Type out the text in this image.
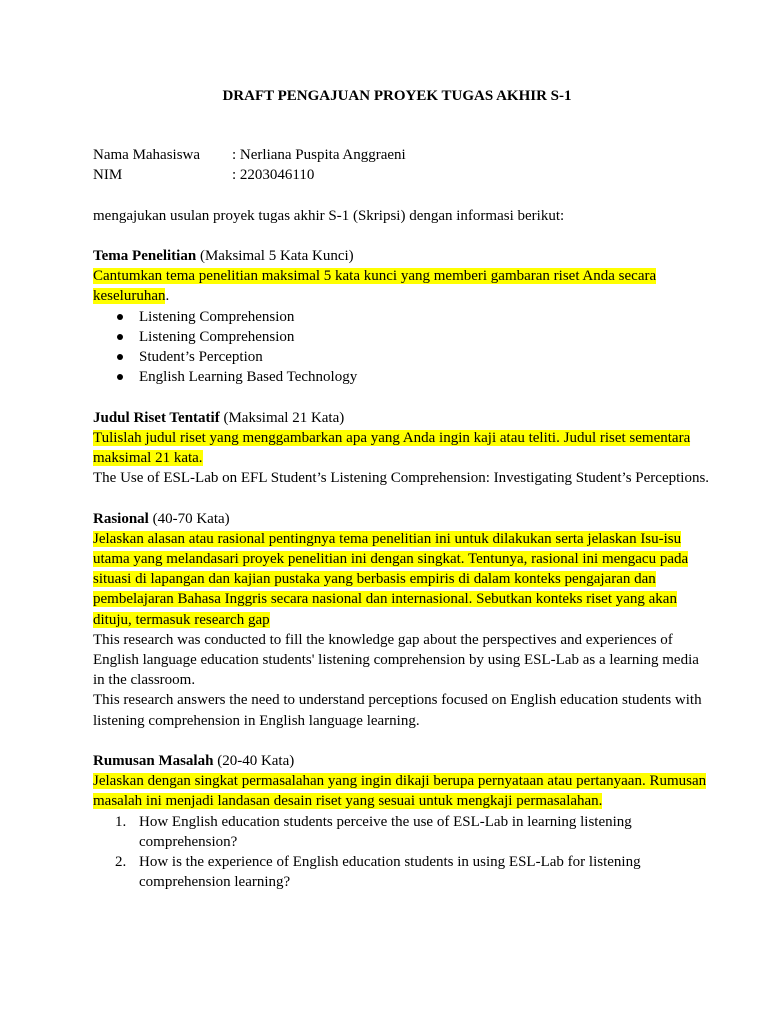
DRAFT PENGAJUAN PROYEK TUGAS AKHIR S-1
Nama Mahasiswa	: Nerliana Puspita Anggraeni
NIM	: 2203046110
mengajukan usulan proyek tugas akhir S-1 (Skripsi) dengan informasi berikut:
Tema Penelitian (Maksimal 5 Kata Kunci)
Cantumkan tema penelitian maksimal 5 kata kunci yang memberi gambaran riset Anda secara keseluruhan.
Listening Comprehension
Listening Comprehension
Student’s Perception
English Learning Based Technology
Judul Riset Tentatif (Maksimal 21 Kata)
Tulislah judul riset yang menggambarkan apa yang Anda ingin kaji atau teliti. Judul riset sementara maksimal 21 kata.
The Use of ESL-Lab on EFL Student’s Listening Comprehension: Investigating Student’s Perceptions.
Rasional (40-70 Kata)
Jelaskan alasan atau rasional pentingnya tema penelitian ini untuk dilakukan serta jelaskan Isu-isu utama yang melandasari proyek penelitian ini dengan singkat. Tentunya, rasional ini mengacu pada situasi di lapangan dan kajian pustaka yang berbasis empiris di dalam konteks pengajaran dan pembelajaran Bahasa Inggris secara nasional dan internasional. Sebutkan konteks riset yang akan dituju, termasuk research gap
This research was conducted to fill the knowledge gap about the perspectives and experiences of English language education students' listening comprehension by using ESL-Lab as a learning media in the classroom.
This research answers the need to understand perceptions focused on English education students with listening comprehension in English language learning.
Rumusan Masalah (20-40 Kata)
Jelaskan dengan singkat permasalahan yang ingin dikaji berupa pernyataan atau pertanyaan. Rumusan masalah ini menjadi landasan desain riset yang sesuai untuk mengkaji permasalahan.
1. How English education students perceive the use of ESL-Lab in learning listening comprehension?
2. How is the experience of English education students in using ESL-Lab for listening comprehension learning?
